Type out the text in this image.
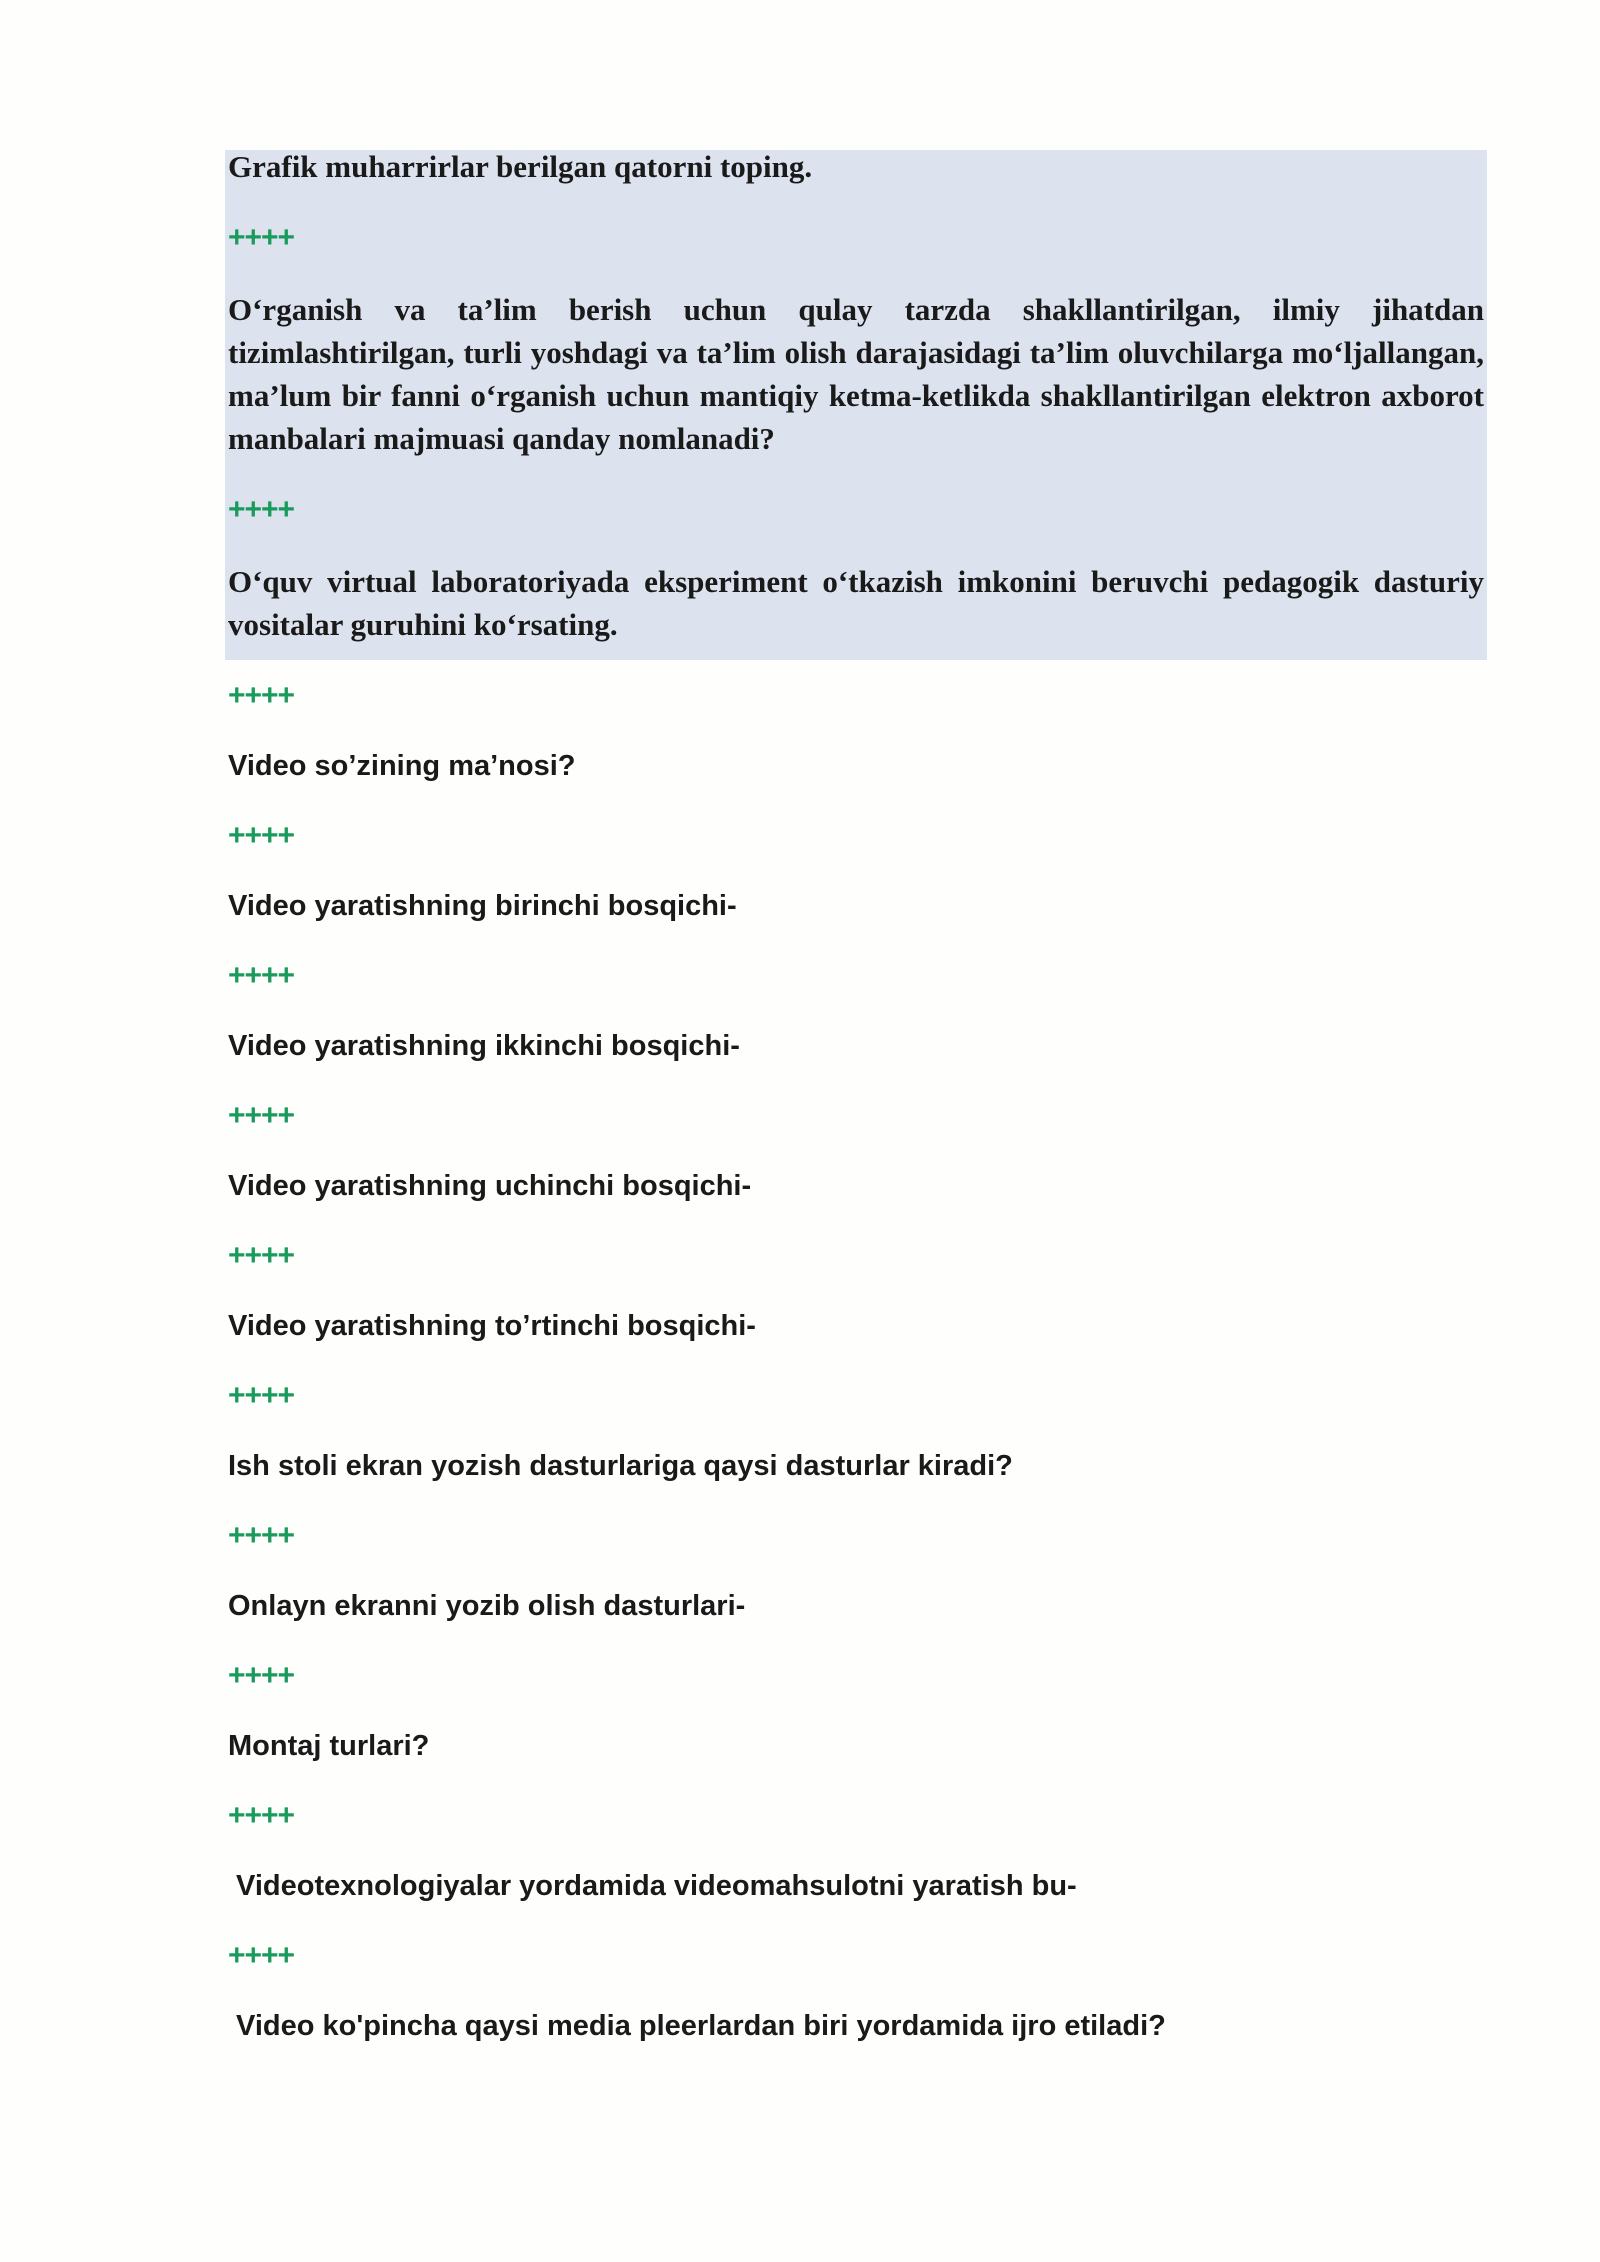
Grafik muharrirlar berilgan qatorni toping.

++++

O‘rganish va ta’lim berish uchun qulay tarzda shakllantirilgan, ilmiy jihatdan tizimlashtirilgan, turli yoshdagi va ta’lim olish darajasidagi ta’lim oluvchilarga mo‘ljallangan, ma’lum bir fanni o‘rganish uchun mantiqiy ketma-ketlikda shakllantirilgan elektron axborot manbalari majmuasi qanday nomlanadi?

++++

O‘quv virtual laboratoriyada eksperiment o‘tkazish imkonini beruvchi pedagogik dasturiy vositalar guruhini ko‘rsating.

++++

Video so’zining ma’nosi?

++++

Video yaratishning birinchi bosqichi-

++++

Video yaratishning ikkinchi bosqichi-

++++

Video yaratishning uchinchi bosqichi-

++++

Video yaratishning to’rtinchi bosqichi-

++++

Ish stoli ekran yozish dasturlariga qaysi dasturlar kiradi?

++++

Onlayn ekranni yozib olish dasturlari-

++++

Montaj turlari?

++++

Videotexnologiyalar yordamida videomahsulotni yaratish bu-

++++

Video ko'pincha qaysi media pleerlardan biri yordamida ijro etiladi?
